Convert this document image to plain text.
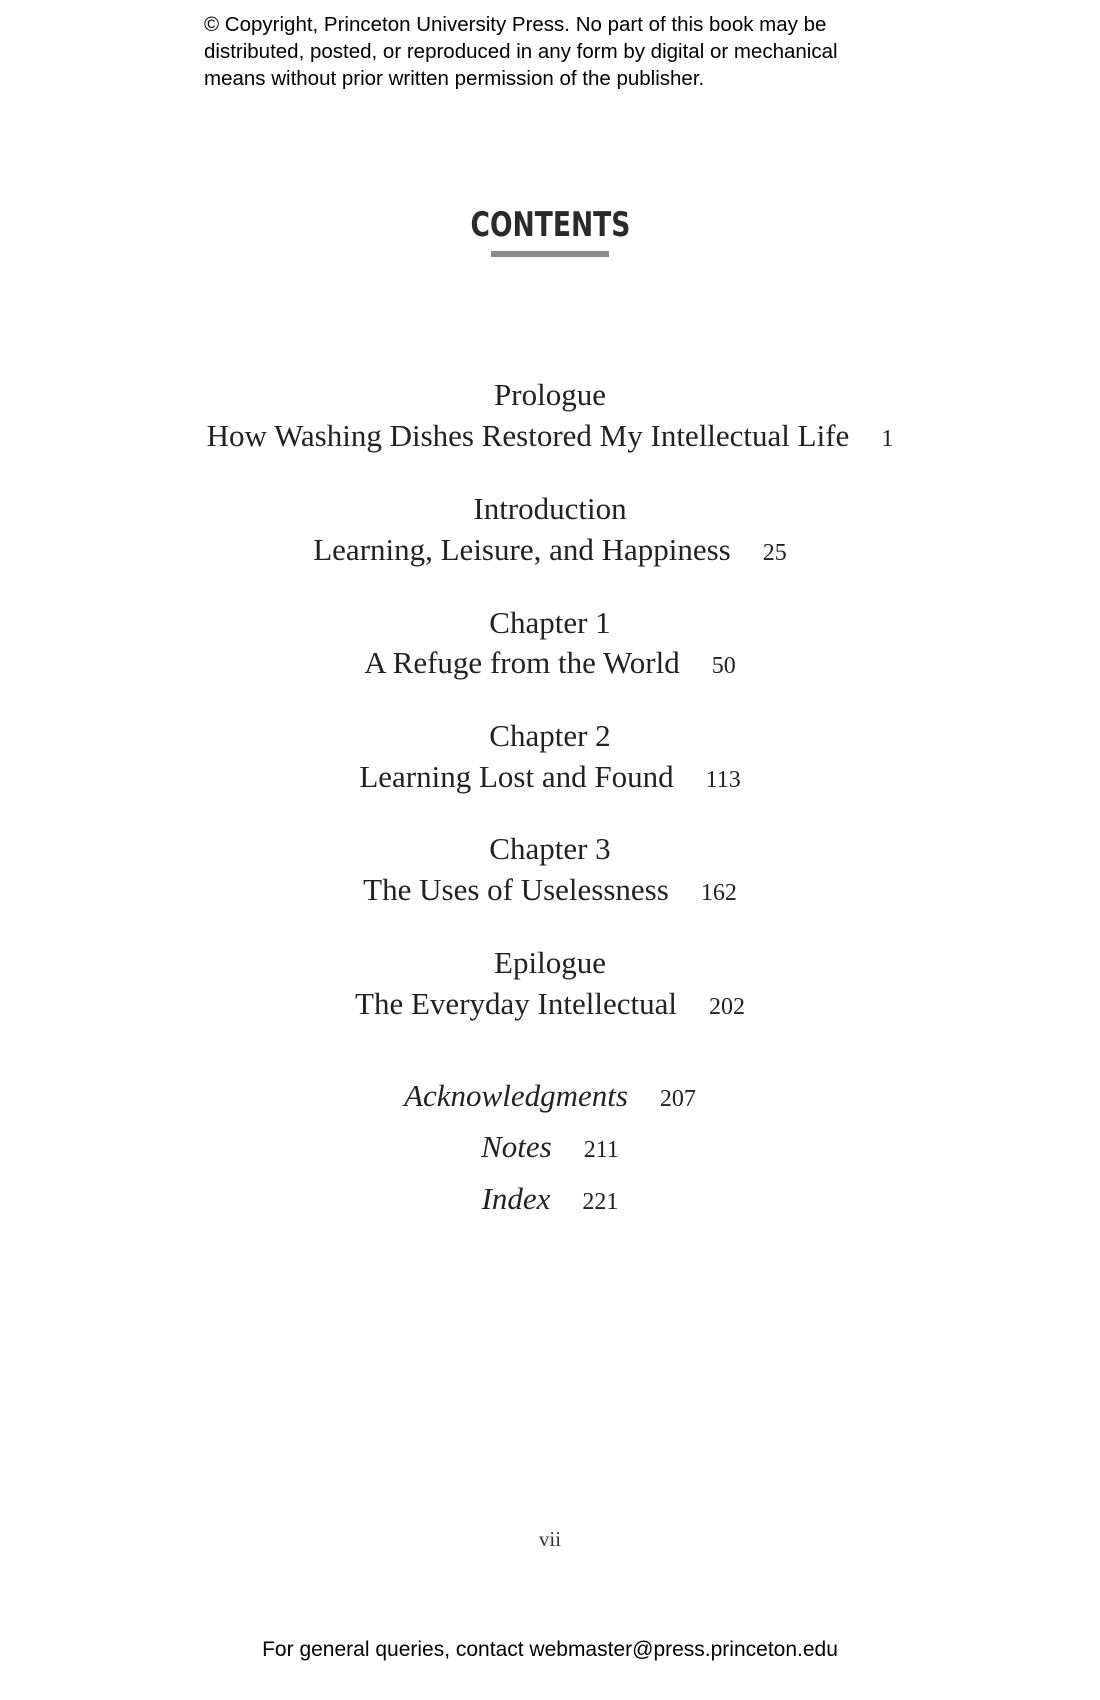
© Copyright, Princeton University Press. No part of this book may be
distributed, posted, or reproduced in any form by digital or mechanical
means without prior written permission of the publisher.
CONTENTS
Prologue
How Washing Dishes Restored My Intellectual Life 1
Introduction
Learning, Leisure, and Happiness 25
Chapter 1
A Refuge from the World 50
Chapter 2
Learning Lost and Found 113
Chapter 3
The Uses of Uselessness 162
Epilogue
The Everyday Intellectual 202
Acknowledgments 207
Notes 211
Index 221
vii
For general queries, contact webmaster@press.princeton.edu
